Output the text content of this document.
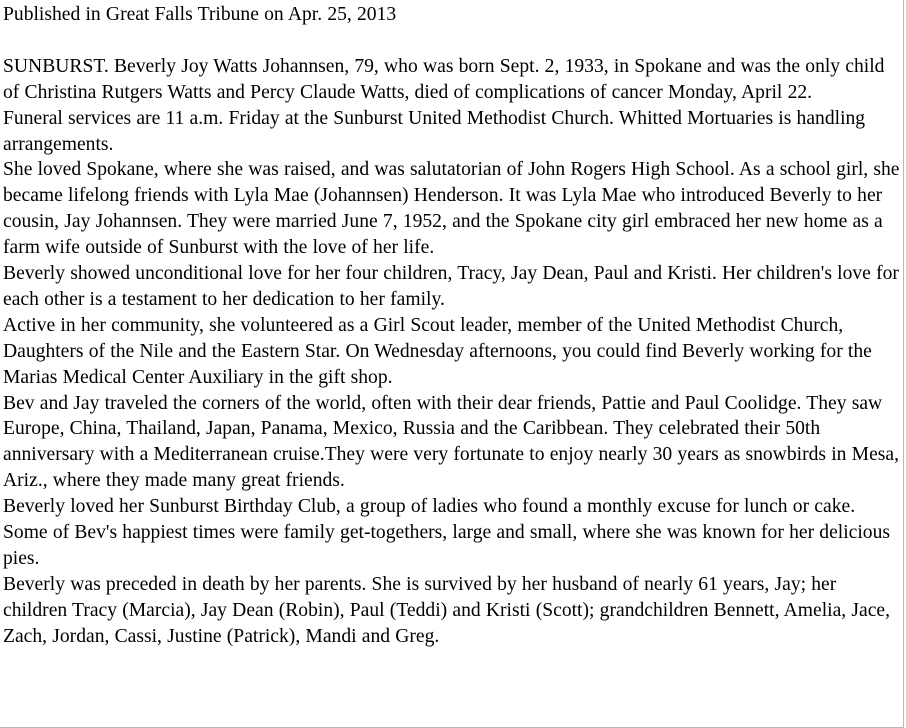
Published in Great Falls Tribune on Apr. 25, 2013

SUNBURST. Beverly Joy Watts Johannsen, 79, who was born Sept. 2, 1933, in Spokane and was the only child of Christina Rutgers Watts and Percy Claude Watts, died of complications of cancer Monday, April 22.

Funeral services are 11 a.m. Friday at the Sunburst United Methodist Church. Whitted Mortuaries is handling arrangements.

She loved Spokane, where she was raised, and was salutatorian of John Rogers High School. As a school girl, she became lifelong friends with Lyla Mae (Johannsen) Henderson. It was Lyla Mae who introduced Beverly to her cousin, Jay Johannsen. They were married June 7, 1952, and the Spokane city girl embraced her new home as a farm wife outside of Sunburst with the love of her life.

Beverly showed unconditional love for her four children, Tracy, Jay Dean, Paul and Kristi. Her children's love for each other is a testament to her dedication to her family.

Active in her community, she volunteered as a Girl Scout leader, member of the United Methodist Church, Daughters of the Nile and the Eastern Star. On Wednesday afternoons, you could find Beverly working for the Marias Medical Center Auxiliary in the gift shop.

Bev and Jay traveled the corners of the world, often with their dear friends, Pattie and Paul Coolidge. They saw Europe, China, Thailand, Japan, Panama, Mexico, Russia and the Caribbean. They celebrated their 50th anniversary with a Mediterranean cruise.They were very fortunate to enjoy nearly 30 years as snowbirds in Mesa, Ariz., where they made many great friends.

Beverly loved her Sunburst Birthday Club, a group of ladies who found a monthly excuse for lunch or cake.

Some of Bev's happiest times were family get-togethers, large and small, where she was known for her delicious pies.

Beverly was preceded in death by her parents. She is survived by her husband of nearly 61 years, Jay; her children Tracy (Marcia), Jay Dean (Robin), Paul (Teddi) and Kristi (Scott); grandchildren Bennett, Amelia, Jace, Zach, Jordan, Cassi, Justine (Patrick), Mandi and Greg.
